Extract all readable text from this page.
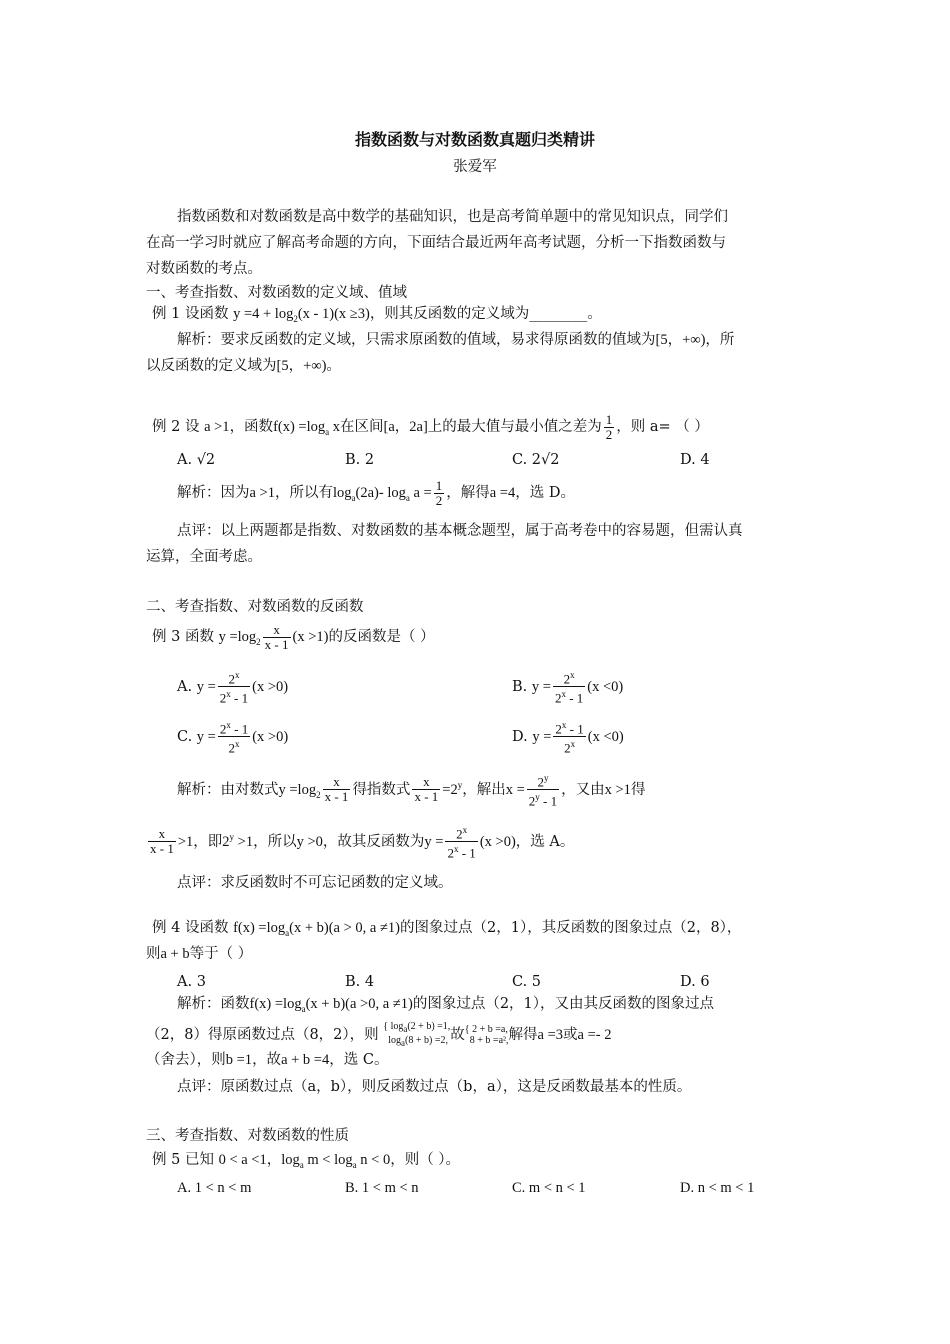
指数函数与对数函数真题归类精讲
张爱军
指数函数和对数函数是高中数学的基础知识，也是高考简单题中的常见知识点，同学们
在高一学习时就应了解高考命题的方向，下面结合最近两年高考试题，分析一下指数函数与
对数函数的考点。
一、考查指数、对数函数的定义域、值域
例 1 设函数 $y =4 + \log_2(x - 1)(x \ge 3)$，则其反函数的定义域为________。
解析：要求反函数的定义域，只需求原函数的值域，易求得原函数的值域为[5，+∞)，所
以反函数的定义域为[5，+∞)。
例 2 设 a >1，函数$f(x) =\log_a$ x在区间[a，2a]上的最大值与最小值之差为 $\frac{1}{2}$ ，则 a= （ ）
A. √2	B. 2	C. 2√2	D. 4
解析：因为a >1，所以有$\log_a(2a)-$ $\log_a a = \frac{1}{2}$ ，解得a =4，选 D。
点评：以上两题都是指数、对数函数的基本概念题型，属于高考卷中的容易题，但需认真
运算，全面考虑。
二、考查指数、对数函数的反函数
例 3 函数 $y =\log_2 \frac{x}{x - 1} (x >1)$的反函数是（ ）
A. $y = \frac{2^x}{2^x - 1} (x >0)$	B. $y = \frac{2^x}{2^x - 1} (x <0)$
C. $y = \frac{2^x - 1}{2^x} (x >0)$	D. $y = \frac{2^x - 1}{2^x} (x <0)$
解析：由对数式$y =\log_2 \frac{x}{x - 1}$ 得指数式 $\frac{x}{x - 1} =2^y$，解出$x = \frac{2^y}{2^y - 1}$ ，又由x >1得
$\frac{x}{x - 1} >1$，即$2^y >1$，所以y >0，故其反函数为$y = \frac{2^x}{2^x - 1} (x >0)$，选 A。
点评：求反函数时不可忘记函数的定义域。
例 4 设函数 $f(x) =\log_a(x + b)(a > 0$, a ≠1)的图象过点（2，1），其反函数的图象过点（2，8），
则a + b等于（ ）
A. 3	B. 4	C. 5	D. 6
解析：函数$f(x) =\log_a(x + b)(a >0$, a ≠1)的图象过点（2，1），又由其反函数的图象过点
（2，8）得原函数过点（8，2），则 { $\log_a(2 + b) =1$,
$\log_a(8 + b) =2$, 故{ 2 + b =a,
8 + b =a²,解得a =3或a =- 2
（舍去），则b =1，故a + b =4，选 C。
点评：原函数过点（a，b），则反函数过点（b，a），这是反函数最基本的性质。
三、考查指数、对数函数的性质
例 5 已知 0 < a <1，$\log_a m < \log_a n < 0$，则（ ）。
A. 1 < n < m	B. 1 < m < n	C. m < n < 1	D. n < m < 1
